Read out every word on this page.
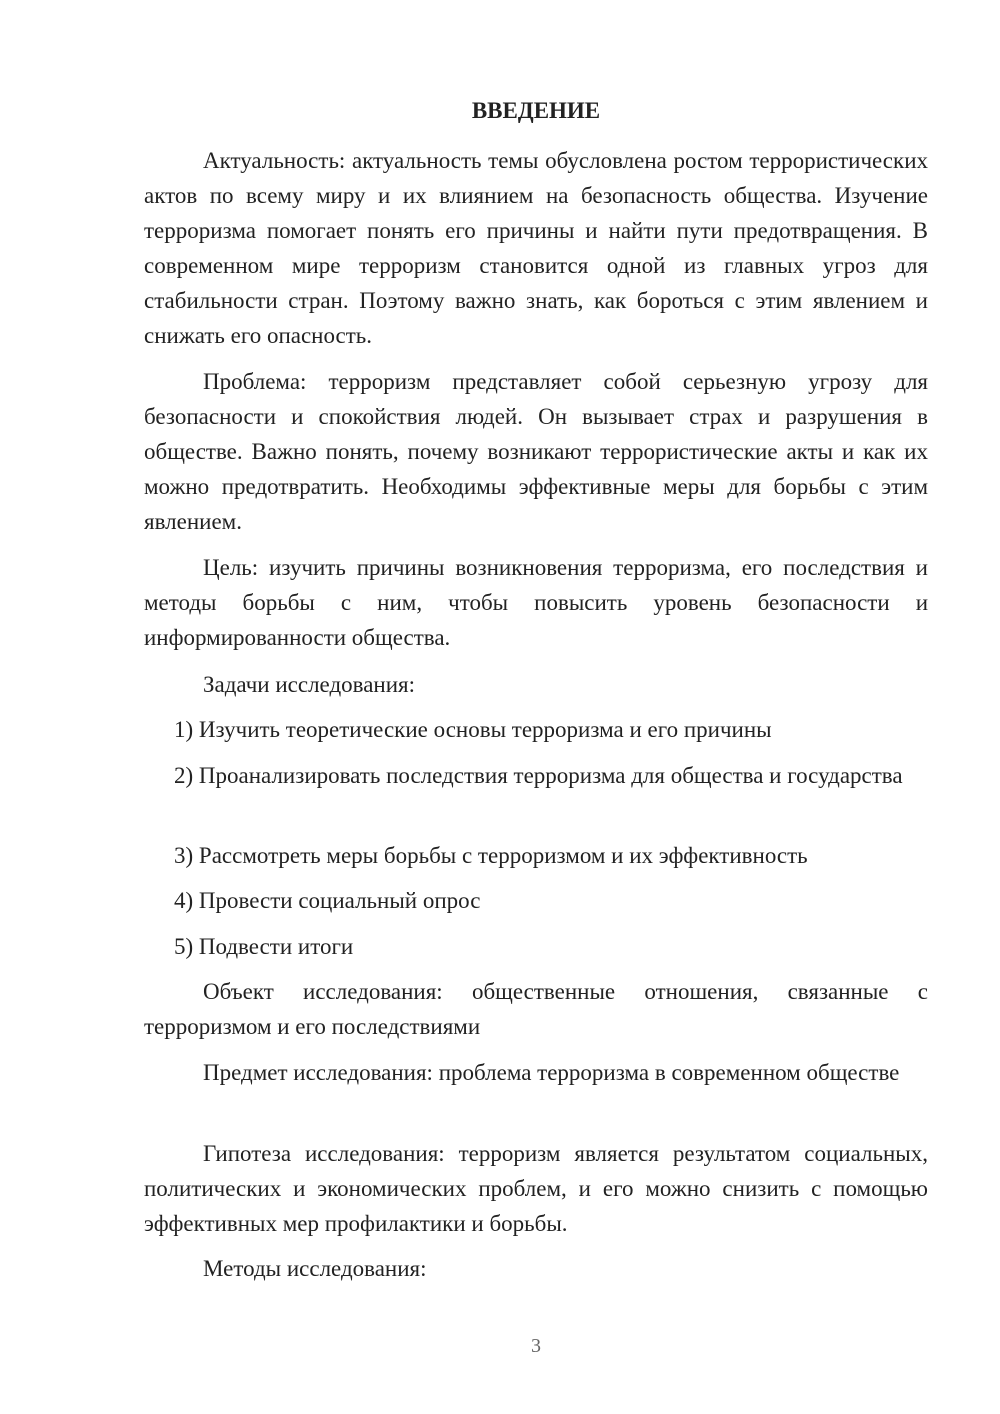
ВВЕДЕНИЕ

Актуальность: актуальность темы обусловлена ростом террористических актов по всему миру и их влиянием на безопасность общества. Изучение терроризма помогает понять его причины и найти пути предотвращения. В современном мире терроризм становится одной из главных угроз для стабильности стран. Поэтому важно знать, как бороться с этим явлением и снижать его опасность.

Проблема: терроризм представляет собой серьезную угрозу для безопасности и спокойствия людей. Он вызывает страх и разрушения в обществе. Важно понять, почему возникают террористические акты и как их можно предотвратить. Необходимы эффективные меры для борьбы с этим явлением.

Цель: изучить причины возникновения терроризма, его последствия и методы борьбы с ним, чтобы повысить уровень безопасности и информированности общества.

Задачи исследования:

1) Изучить теоретические основы терроризма и его причины

2) Проанализировать последствия терроризма для общества и государства

3) Рассмотреть меры борьбы с терроризмом и их эффективность

4) Провести социальный опрос

5) Подвести итоги

Объект исследования: общественные отношения, связанные с терроризмом и его последствиями

Предмет исследования: проблема терроризма в современном обществе

Гипотеза исследования: терроризм является результатом социальных, политических и экономических проблем, и его можно снизить с помощью эффективных мер профилактики и борьбы.

Методы исследования:

3
